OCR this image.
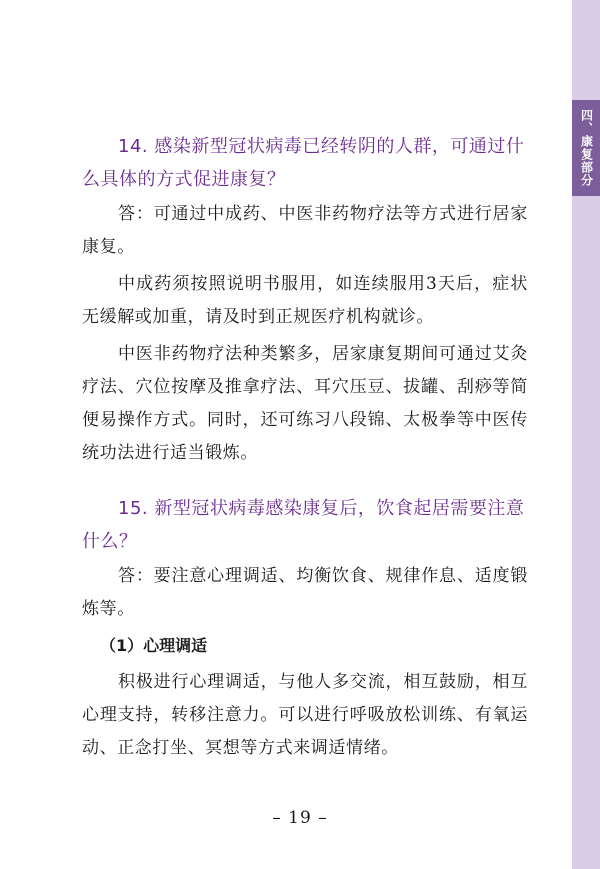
四、康复部分

14. 感染新型冠状病毒已经转阴的人群，可通过什么具体的方式促进康复？

答：可通过中成药、中医非药物疗法等方式进行居家康复。

中成药须按照说明书服用，如连续服用3天后，症状无缓解或加重，请及时到正规医疗机构就诊。

中医非药物疗法种类繁多，居家康复期间可通过艾灸疗法、穴位按摩及推拿疗法、耳穴压豆、拔罐、刮痧等简便易操作方式。同时，还可练习八段锦、太极拳等中医传统功法进行适当锻炼。

15. 新型冠状病毒感染康复后，饮食起居需要注意什么？

答：要注意心理调适、均衡饮食、规律作息、适度锻炼等。

（1）心理调适

积极进行心理调适，与他人多交流，相互鼓励，相互心理支持，转移注意力。可以进行呼吸放松训练、有氧运动、正念打坐、冥想等方式来调适情绪。

– 19 –
